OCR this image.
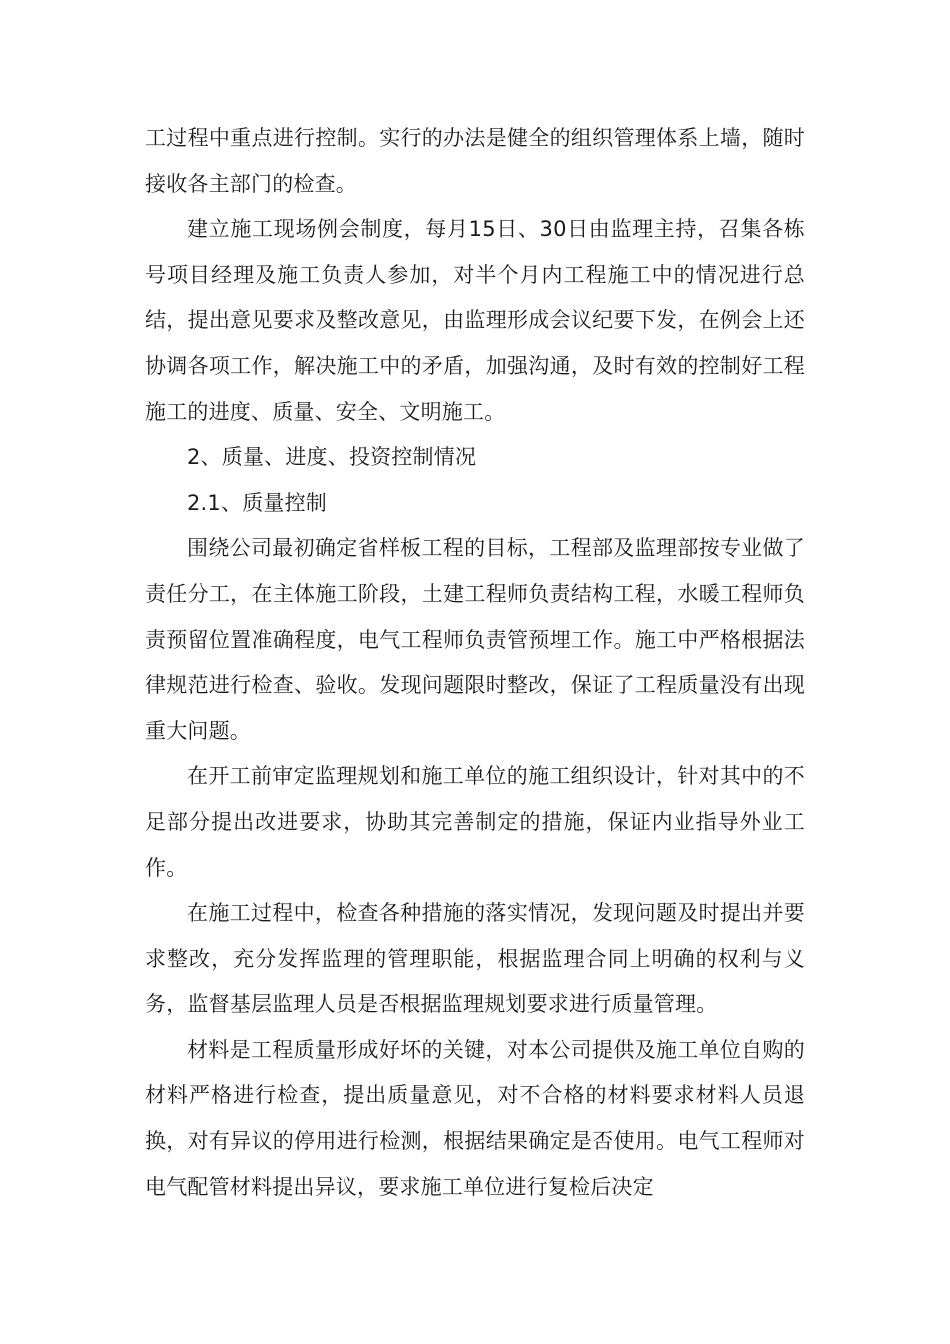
工过程中重点进行控制。实行的办法是健全的组织管理体系上墙，随时接收各主部门的检查。

建立施工现场例会制度，每月15日、30日由监理主持，召集各栋号项目经理及施工负责人参加，对半个月内工程施工中的情况进行总结，提出意见要求及整改意见，由监理形成会议纪要下发，在例会上还协调各项工作，解决施工中的矛盾，加强沟通，及时有效的控制好工程施工的进度、质量、安全、文明施工。

2、质量、进度、投资控制情况

2.1、质量控制

围绕公司最初确定省样板工程的目标，工程部及监理部按专业做了责任分工，在主体施工阶段，土建工程师负责结构工程，水暖工程师负责预留位置准确程度，电气工程师负责管预埋工作。施工中严格根据法律规范进行检查、验收。发现问题限时整改，保证了工程质量没有出现重大问题。

在开工前审定监理规划和施工单位的施工组织设计，针对其中的不足部分提出改进要求，协助其完善制定的措施，保证内业指导外业工作。

在施工过程中，检查各种措施的落实情况，发现问题及时提出并要求整改，充分发挥监理的管理职能，根据监理合同上明确的权利与义务，监督基层监理人员是否根据监理规划要求进行质量管理。

材料是工程质量形成好坏的关键，对本公司提供及施工单位自购的材料严格进行检查，提出质量意见，对不合格的材料要求材料人员退换，对有异议的停用进行检测，根据结果确定是否使用。电气工程师对电气配管材料提出异议，要求施工单位进行复检后决定
